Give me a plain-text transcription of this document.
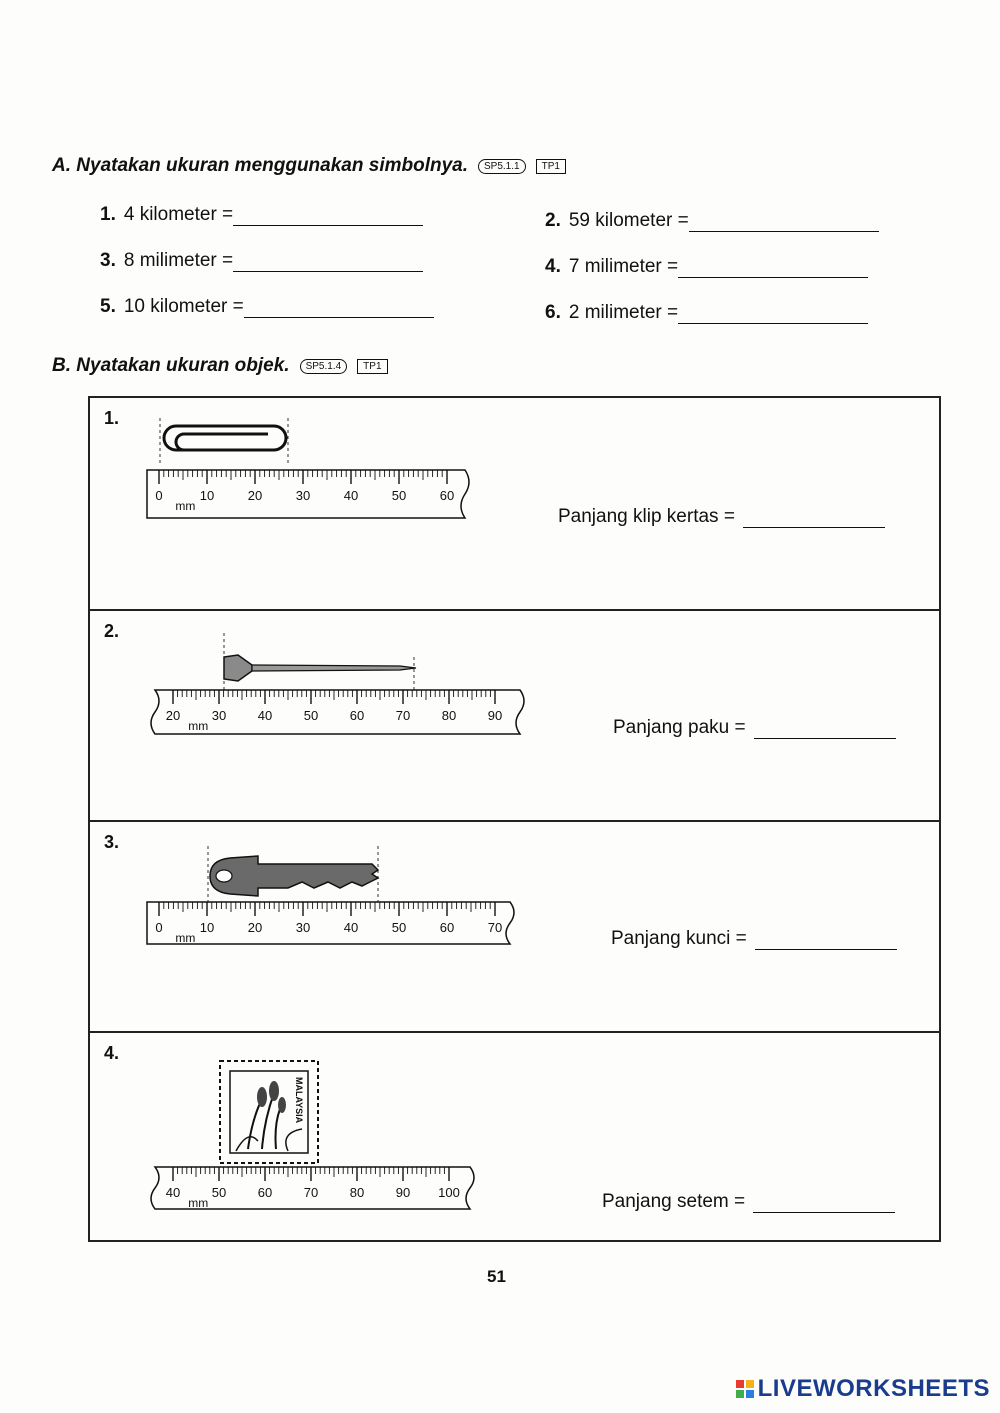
A. Nyatakan ukuran menggunakan simbolnya.	SP5.1.1	TP1
1. 4 kilometer =	2. 59 kilometer =
3. 8 milimeter =	4. 7 milimeter =
5. 10 kilometer =	6. 2 milimeter =
B. Nyatakan ukuran objek.	SP5.1.4	TP1
1.
Panjang klip kertas =
2.
Panjang paku =
3.
Panjang kunci =
4.
MALAYSIA
Panjang setem =
0	10	20	30	40	50	60
mm
20 30 40 50 60 70 80 90
mm
0	10	20	30	40	50	60	70
mm
40 50 60 70 80 90 100
mm
51
LIVEWORKSHEETS
